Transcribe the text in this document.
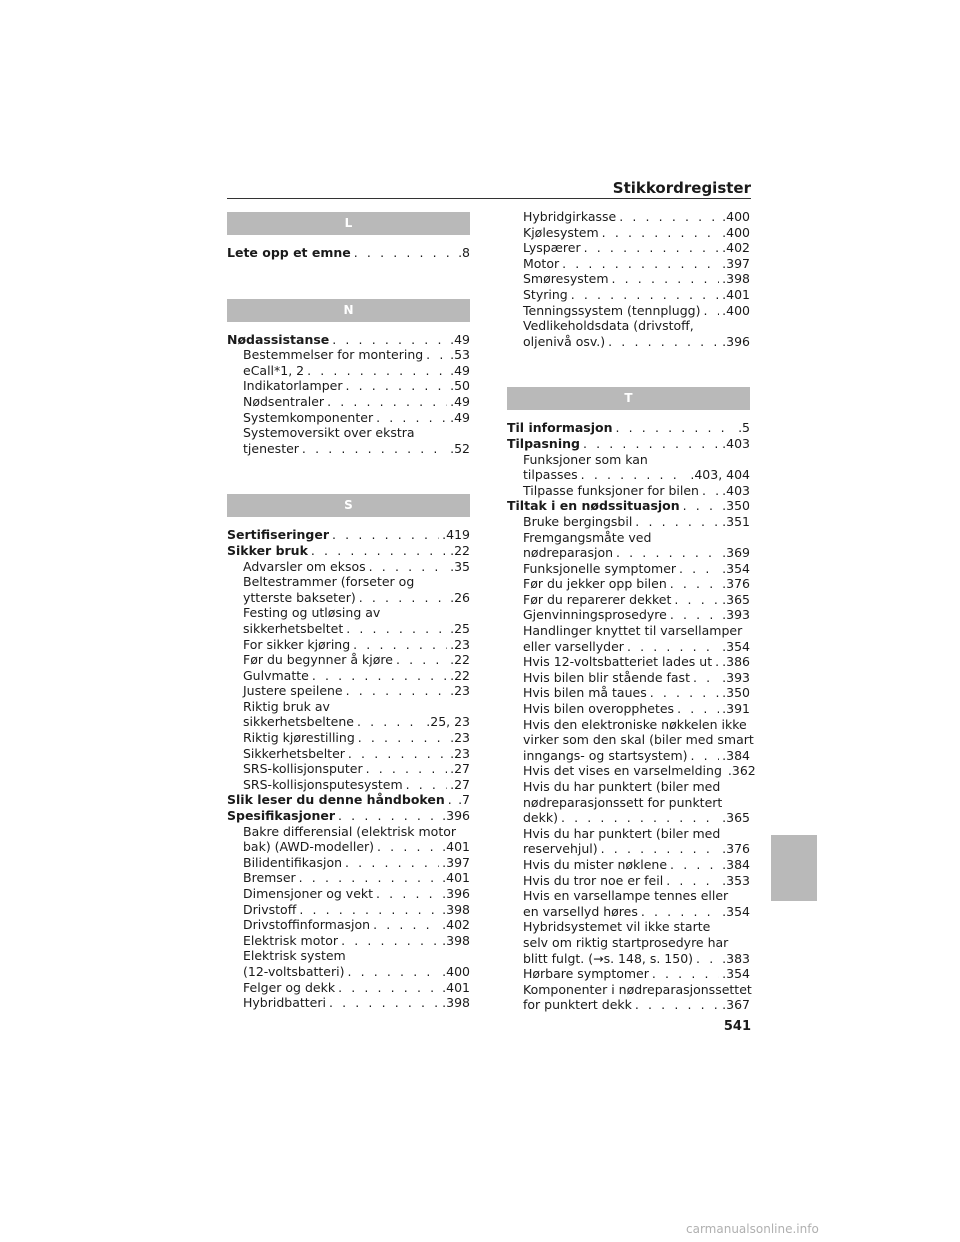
Stikkordregister
L
Lete opp et emne . . .	.8
N
Nødassistanse . . .	.49
Bestemmelser for montering . . . .53
eCall*1, 2 . . .	.49
Indikatorlamper . . .	.50
Nødsentraler . . .	.49
Systemkomponenter . . .	.49
Systemoversikt over ekstra
tjenester . . .	.52
S
Sertifiseringer . . .	.419
Sikker bruk . . .	.22
Advarsler om eksos . . .	.35
Beltestrammer (forseter og
ytterste bakseter) . . .	.26
Festing og utløsing av
sikkerhetsbeltet . . .	.25
For sikker kjøring . . .	.23
Før du begynner å kjøre . . .	.22
Gulvmatte . . .	.22
Justere speilene . . .	.23
Riktig bruk av
sikkerhetsbeltene . . .	.25, 23
Riktig kjørestilling . . .	.23
Sikkerhetsbelter . . .	.23
SRS-kollisjonsputer . . .	.27
SRS-kollisjonsputesystem . . .	.27
Slik leser du denne håndboken . . . .7
Spesifikasjoner . . .	.396
Bakre differensial (elektrisk motor
bak) (AWD-modeller) . . .	.401
Bilidentifikasjon . . .	.397
Bremser . . .	.401
Dimensjoner og vekt . . .	.396
Drivstoff . . .	.398
Drivstoffinformasjon . . .	.402
Elektrisk motor . . .	.398
Elektrisk system
(12-voltsbatteri) . . .	.400
Felger og dekk . . .	.401
Hybridbatteri . . .	.398
Hybridgirkasse . . .	.400
Kjølesystem . . .	.400
Lyspærer . . .	.402
Motor . . .	.397
Smøresystem . . .	.398
Styring . . .	.401
Tenningssystem (tennplugg) . . . .400
Vedlikeholdsdata (drivstoff,
oljenivå osv.) . . .	.396
T
Til informasjon . . .	.5
Tilpasning . . .	.403
Funksjoner som kan
tilpasses . . .	.403, 404
Tilpasse funksjoner for bilen . . . .403
Tiltak i en nødssituasjon . . .	.350
Bruke bergingsbil . . .	.351
Fremgangsmåte ved
nødreparasjon . . .	.369
Funksjonelle symptomer . . .	.354
Før du jekker opp bilen . . .	.376
Før du reparerer dekket . . .	.365
Gjenvinningsprosedyre . . .	.393
Handlinger knyttet til varsellamper
eller varsellyder . . .	.354
Hvis 12-voltsbatteriet lades ut . . . .386
Hvis bilen blir stående fast . . .	.393
Hvis bilen må taues . . .	.350
Hvis bilen overopphetes . . .	.391
Hvis den elektroniske nøkkelen ikke
virker som den skal (biler med smart
inngangs- og startsystem) . . .	.384
Hvis det vises en varselmelding .362
Hvis du har punktert (biler med
nødreparasjonssett for punktert
dekk) . . .	.365
Hvis du har punktert (biler med
reservehjul) . . .	.376
Hvis du mister nøklene . . .	.384
Hvis du tror noe er feil . . .	.353
Hvis en varsellampe tennes eller
en varsellyd høres . . .	.354
Hybridsystemet vil ikke starte
selv om riktig startprosedyre har
blitt fulgt. (→s. 148, s. 150) . . . .383
Hørbare symptomer . . .	.354
Komponenter i nødreparasjonssettet
for punktert dekk . . .	.367
541
carmanualsonline.info
